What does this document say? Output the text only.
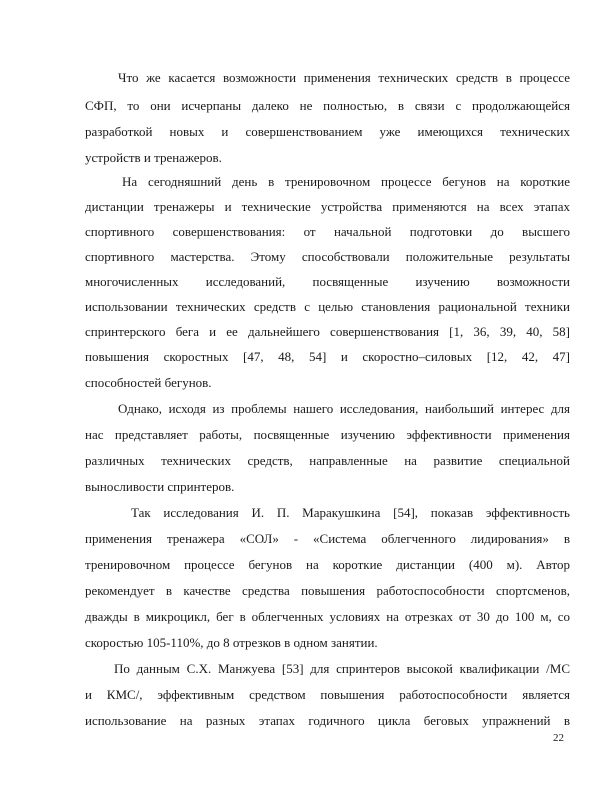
Что же касается возможности применения технических средств в процессе
СФП, то они исчерпаны далеко не полностью, в связи с продолжающейся
разработкой новых и совершенствованием уже имеющихся технических
устройств и тренажеров.
На сегодняшний день в тренировочном процессе бегунов на короткие
дистанции тренажеры и технические устройства применяются на всех этапах
спортивного совершенствования: от начальной подготовки до высшего
спортивного мастерства. Этому способствовали положительные результаты
многочисленных исследований, посвященные изучению возможности
использовании технических средств с целью становления рациональной техники
спринтерского бега и ее дальнейшего совершенствования [1, 36, 39, 40, 58]
повышения скоростных [47, 48, 54] и скоростно–силовых [12, 42, 47]
способностей бегунов.
Однако, исходя из проблемы нашего исследования, наибольший интерес для
нас представляет работы, посвященные изучению эффективности применения
различных технических средств, направленные на развитие специальной
выносливости спринтеров.
Так исследования И. П. Маракушкина [54], показав эффективность
применения тренажера «СОЛ» - «Система облегченного лидирования» в
тренировочном процессе бегунов на короткие дистанции (400 м). Автор
рекомендует в качестве средства повышения работоспособности спортсменов,
дважды в микроцикл, бег в облегченных условиях на отрезках от 30 до 100 м, со
скоростью 105-110%, до 8 отрезков в одном занятии.
По данным С.Х. Манжуева [53] для спринтеров высокой квалификации /МС
и КМС/, эффективным средством повышения работоспособности является
использование на разных этапах годичного цикла беговых упражнений в
22
